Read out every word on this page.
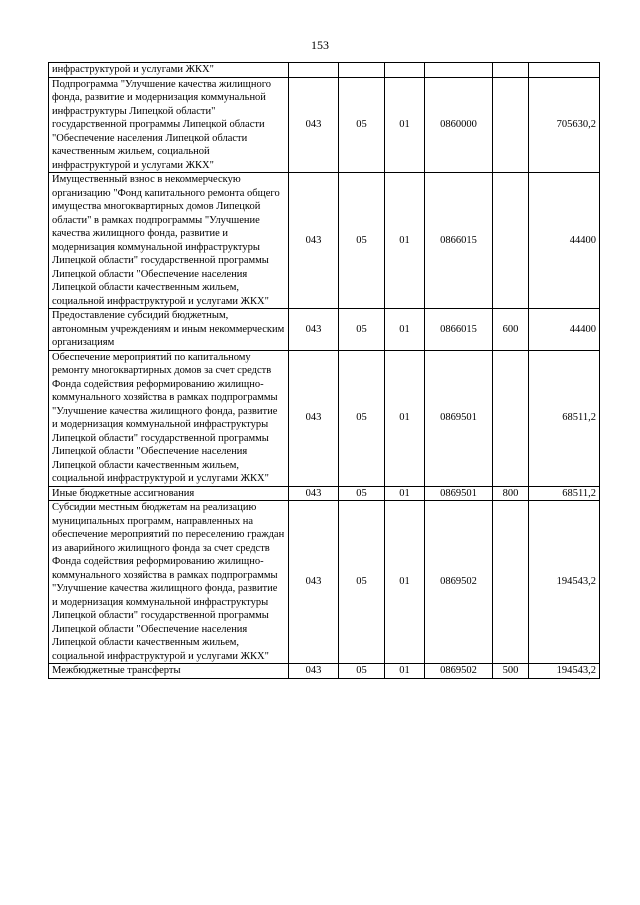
153
инфраструктурой и услугами ЖКХ"						
Подпрограмма "Улучшение качества жилищного фонда, развитие и модернизация коммунальной инфраструктуры Липецкой области" государственной программы Липецкой области "Обеспечение населения Липецкой области качественным жильем, социальной инфраструктурой и услугами ЖКХ"	043	05	01	0860000		705630,2
Имущественный взнос в некоммерческую организацию "Фонд капитального ремонта общего имущества многоквартирных домов Липецкой области" в рамках подпрограммы "Улучшение качества жилищного фонда, развитие и модернизация коммунальной инфраструктуры Липецкой области" государственной программы Липецкой области "Обеспечение населения Липецкой области качественным жильем, социальной инфраструктурой и услугами ЖКХ"	043	05	01	0866015		44400
Предоставление субсидий бюджетным, автономным учреждениям и иным некоммерческим организациям	043	05	01	0866015	600	44400
Обеспечение мероприятий по капитальному ремонту многоквартирных домов за счет средств Фонда содействия реформированию жилищно-коммунального хозяйства в рамках подпрограммы "Улучшение качества жилищного фонда, развитие и модернизация коммунальной инфраструктуры Липецкой области" государственной программы Липецкой области "Обеспечение населения Липецкой области качественным жильем, социальной инфраструктурой и услугами ЖКХ"	043	05	01	0869501		68511,2
Иные бюджетные ассигнования	043	05	01	0869501	800	68511,2
Субсидии местным бюджетам на реализацию муниципальных программ, направленных на обеспечение мероприятий по переселению граждан из аварийного жилищного фонда за счет средств Фонда содействия реформированию жилищно-коммунального хозяйства в рамках подпрограммы "Улучшение качества жилищного фонда, развитие и модернизация коммунальной инфраструктуры Липецкой области" государственной программы Липецкой области "Обеспечение населения Липецкой области качественным жильем, социальной инфраструктурой и услугами ЖКХ"	043	05	01	0869502		194543,2
Межбюджетные трансферты	043	05	01	0869502	500	194543,2
